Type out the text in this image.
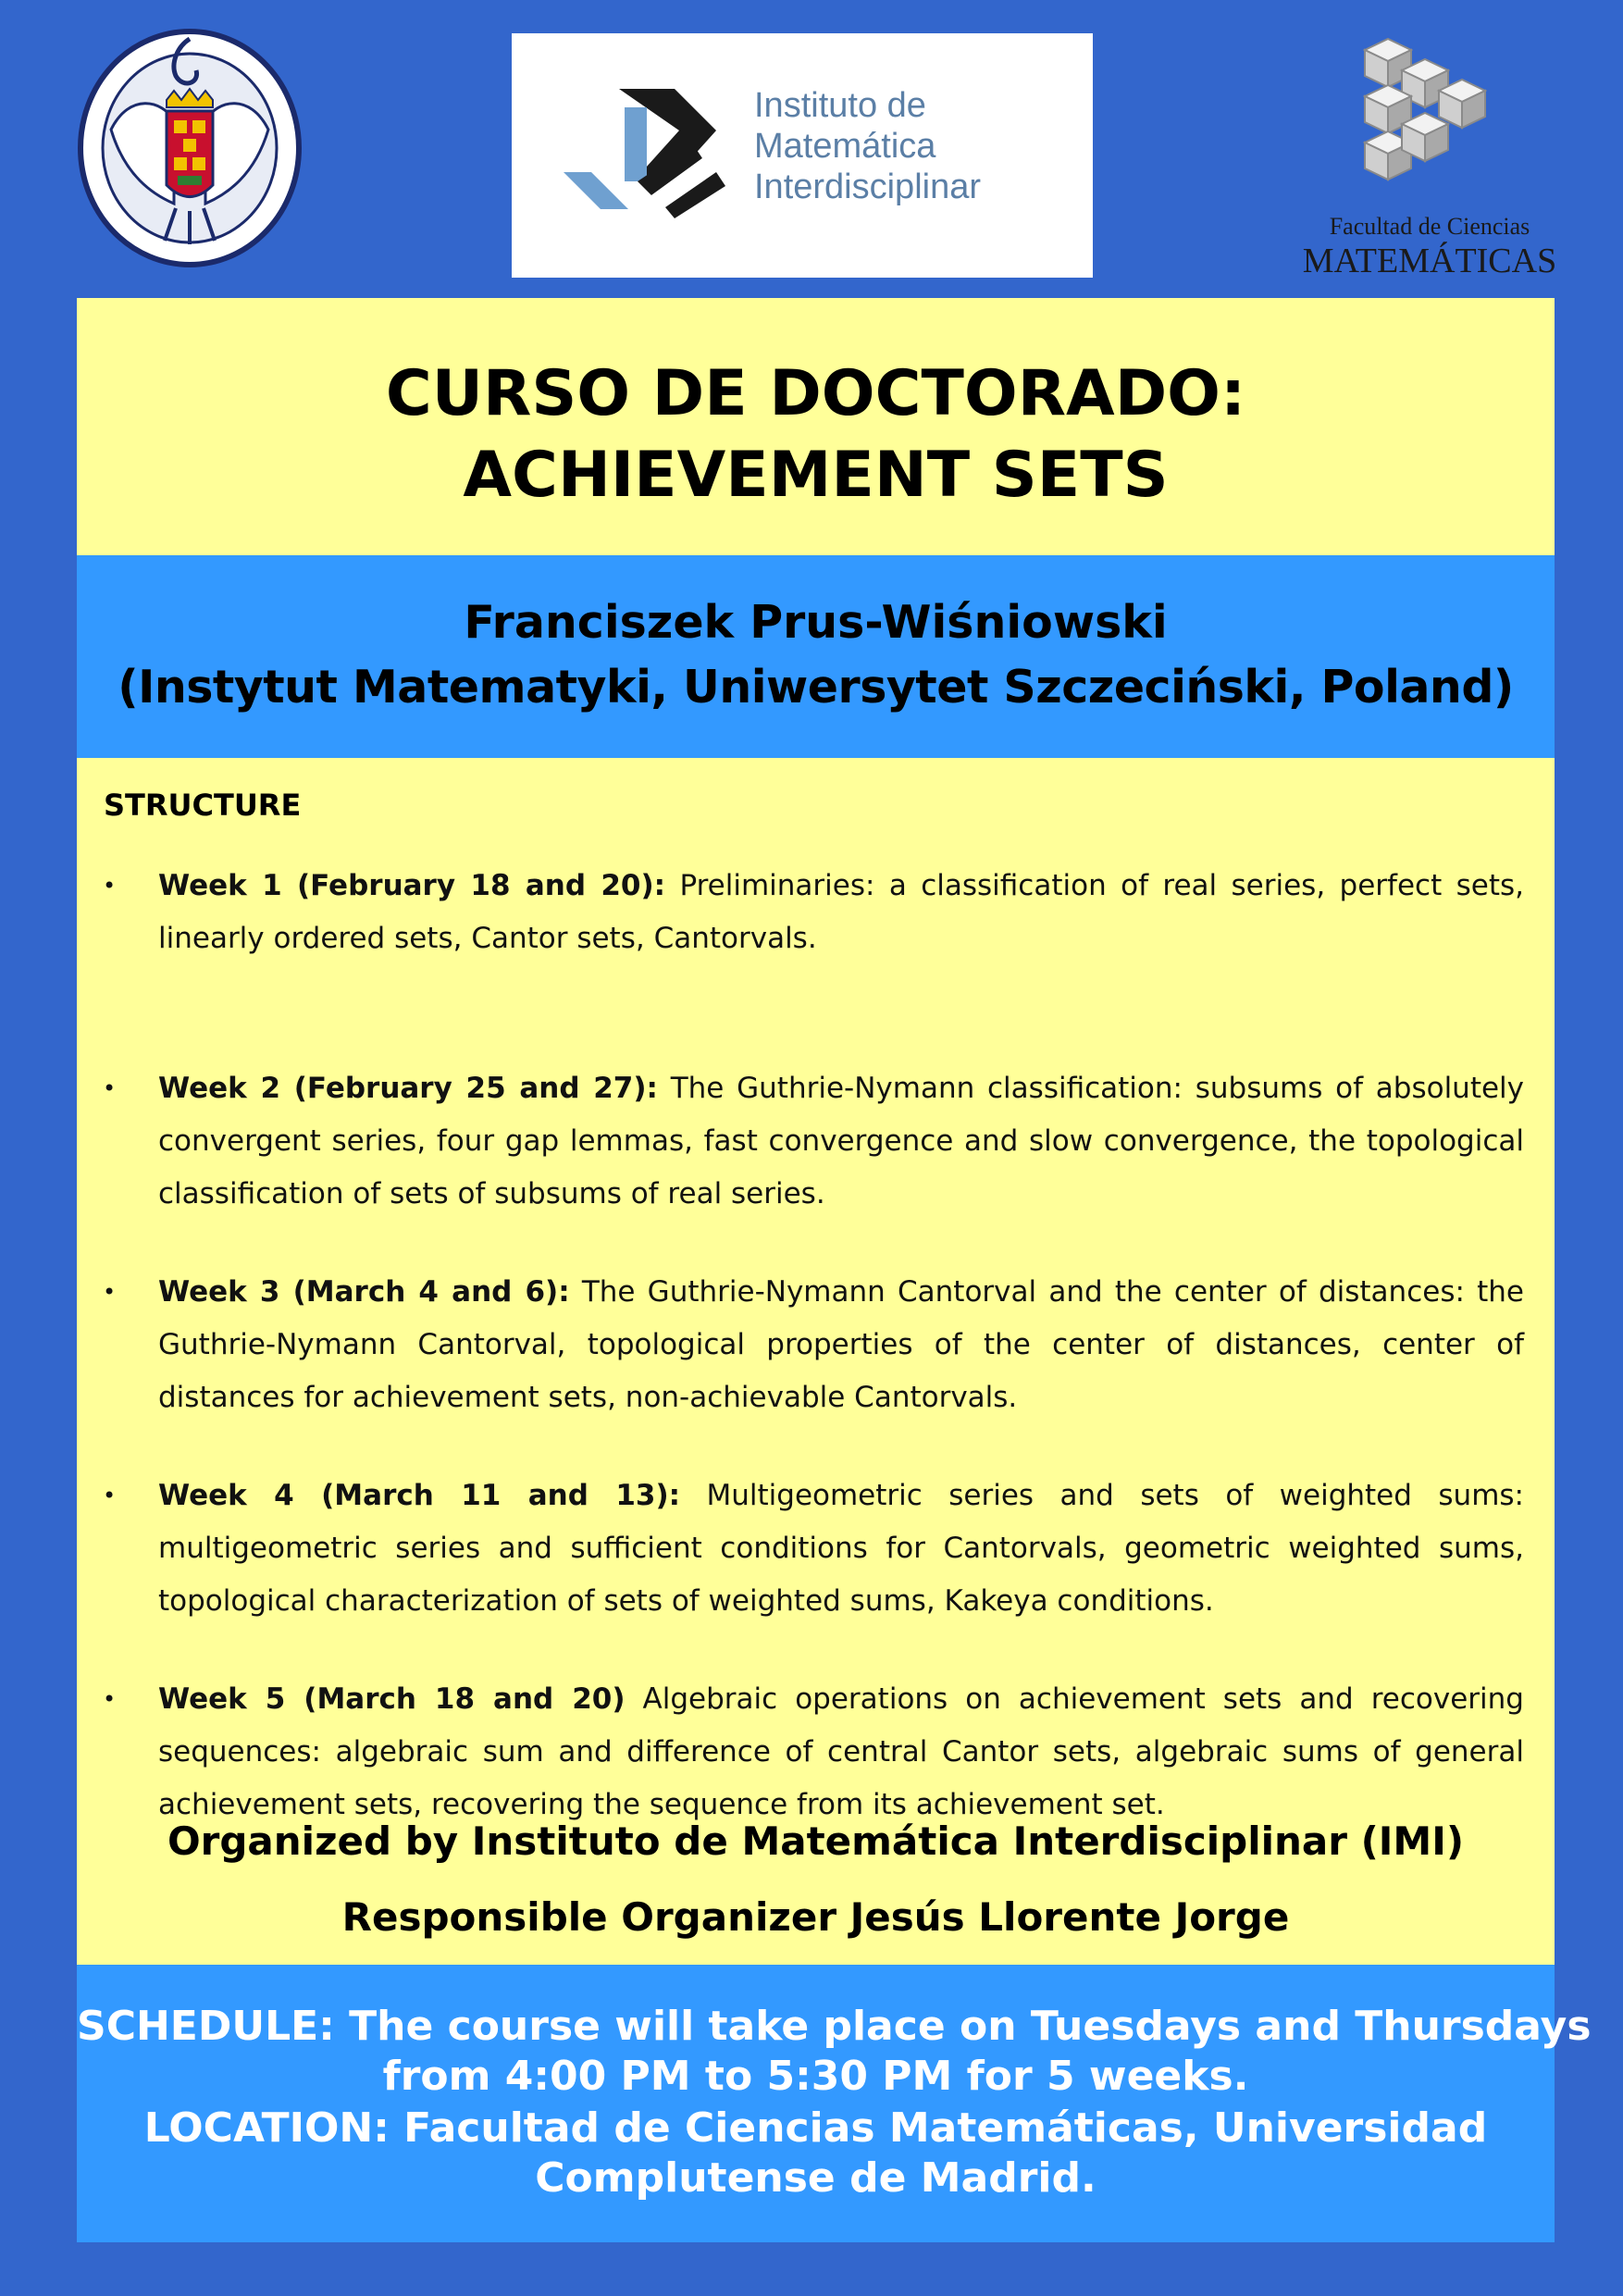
Instituto de
Matemática
Interdisciplinar
Facultad de Ciencias
MATEMÁTICAS
CURSO DE DOCTORADO:
ACHIEVEMENT SETS
Franciszek Prus-Wiśniowski
(Instytut Matematyki, Uniwersytet Szczeciński, Poland)
STRUCTURE
• Week 1 (February 18 and 20): Preliminaries: a classification of real series, perfect sets, linearly ordered sets, Cantor sets, Cantorvals.
• Week 2 (February 25 and 27): The Guthrie-Nymann classification: subsums of absolutely convergent series, four gap lemmas, fast convergence and slow convergence, the topological classification of sets of subsums of real series.
• Week 3 (March 4 and 6): The Guthrie-Nymann Cantorval and the center of distances: the Guthrie-Nymann Cantorval, topological properties of the center of distances, center of distances for achievement sets, non-achievable Cantorvals.
• Week 4 (March 11 and 13): Multigeometric series and sets of weighted sums: multigeometric series and sufficient conditions for Cantorvals, geometric weighted sums, topological characterization of sets of weighted sums, Kakeya conditions.
• Week 5 (March 18 and 20) Algebraic operations on achievement sets and recovering sequences: algebraic sum and difference of central Cantor sets, algebraic sums of general achievement sets, recovering the sequence from its achievement set.
Organized by Instituto de Matemática Interdisciplinar (IMI)
Responsible Organizer Jesús Llorente Jorge
SCHEDULE: The course will take place on Tuesdays and Thursdays
from 4:00 PM to 5:30 PM for 5 weeks.
LOCATION: Facultad de Ciencias Matemáticas, Universidad
Complutense de Madrid.
